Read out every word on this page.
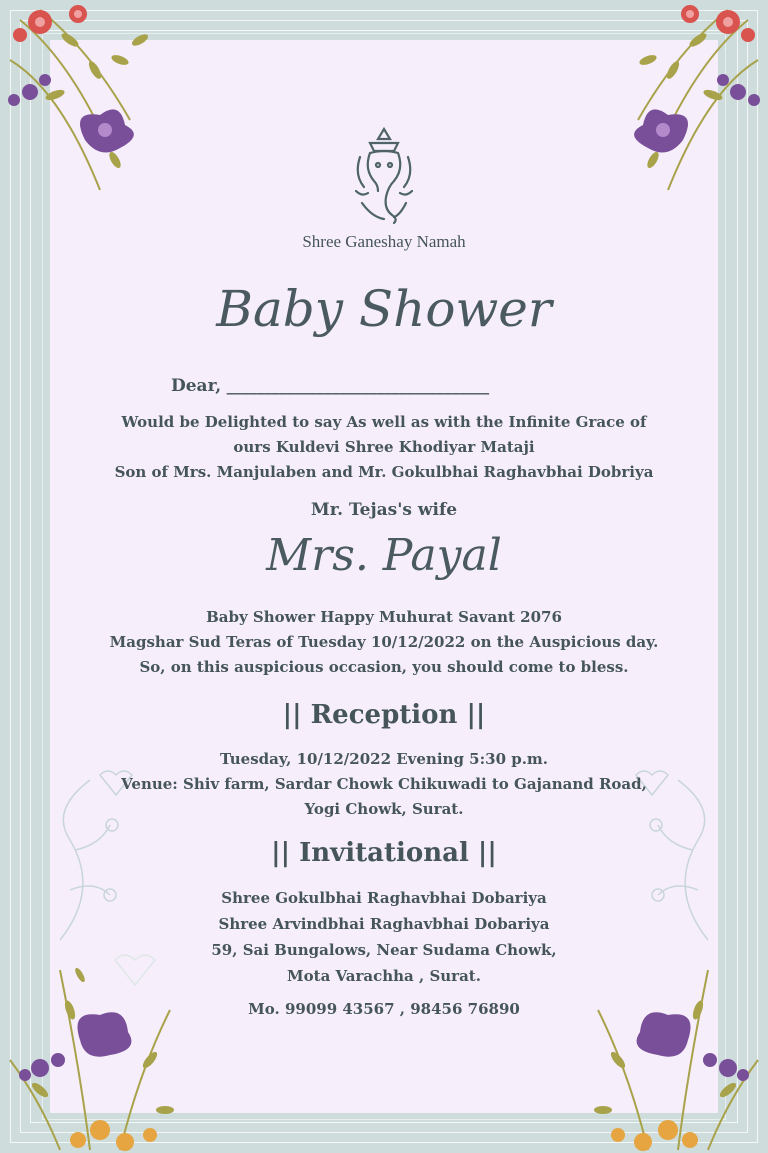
Shree Ganeshay Namah
Baby Shower
Dear, ___________________________________
Would be Delighted to say As well as with the Infinite Grace of
ours Kuldevi Shree Khodiyar Mataji
Son of Mrs. Manjulaben and Mr. Gokulbhai Raghavbhai Dobriya
Mr. Tejas's wife
Mrs. Payal
Baby Shower Happy Muhurat Savant 2076
Magshar Sud Teras of Tuesday 10/12/2022 on the Auspicious day.
So, on this auspicious occasion, you should come to bless.
|| Reception ||
Tuesday, 10/12/2022 Evening 5:30 p.m.
Venue: Shiv farm, Sardar Chowk Chikuwadi to Gajanand Road,
Yogi Chowk, Surat.
|| Invitational ||
Shree Gokulbhai Raghavbhai Dobariya
Shree Arvindbhai Raghavbhai Dobariya
59, Sai Bungalows, Near Sudama Chowk,
Mota Varachha , Surat.
Mo. 99099 43567 , 98456 76890
